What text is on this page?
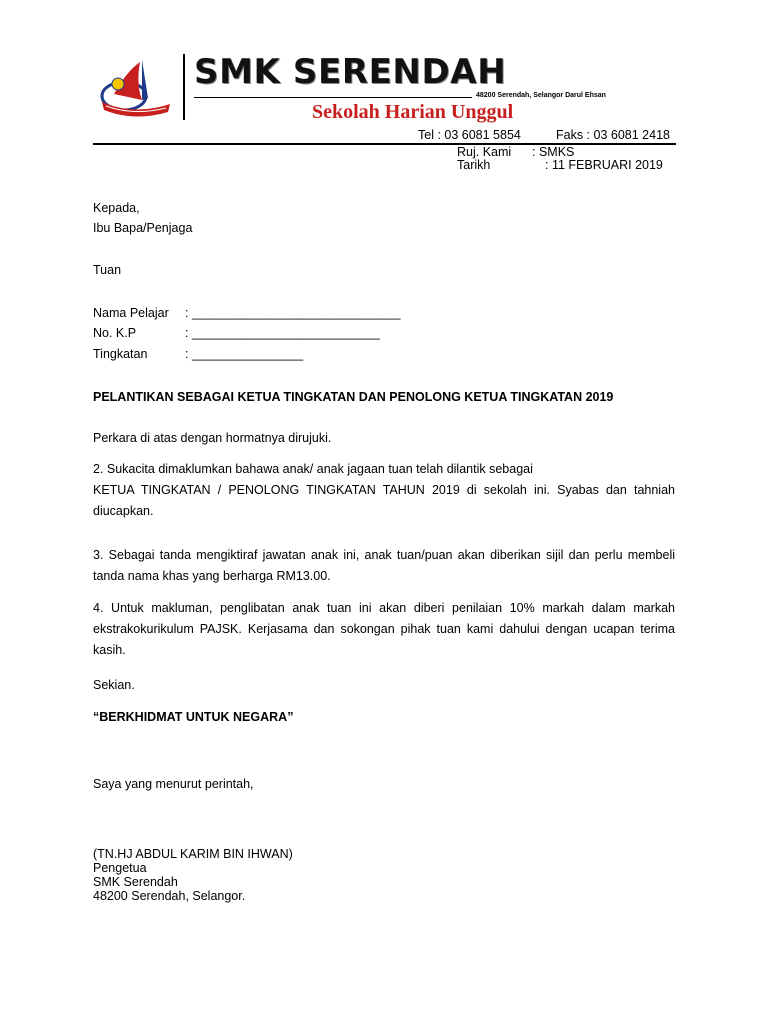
SMK SERENDAH
48200 Serendah, Selangor Darul Ehsan
Sekolah Harian Unggul
Tel : 03 6081 5854	Faks : 03 6081 2418
Ruj. Kami : SMKS
Tarikh	: 11 FEBRUARI 2019
Kepada,
Ibu Bapa/Penjaga
Tuan
Nama Pelajar : ______________________________
No. K.P	: ___________________________
Tingkatan	: ________________
PELANTIKAN SEBAGAI KETUA TINGKATAN DAN PENOLONG KETUA TINGKATAN 2019
Perkara di atas dengan hormatnya dirujuki.
2. Sukacita dimaklumkan bahawa anak/ anak jagaan tuan telah dilantik sebagai
KETUA TINGKATAN / PENOLONG TINGKATAN TAHUN 2019 di sekolah ini. Syabas dan tahniah diucapkan.
3. Sebagai tanda mengiktiraf jawatan anak ini, anak tuan/puan akan diberikan sijil dan perlu membeli tanda nama khas yang berharga RM13.00.
4. Untuk makluman, penglibatan anak tuan ini akan diberi penilaian 10% markah dalam markah ekstrakokurikulum PAJSK. Kerjasama dan sokongan pihak tuan kami dahului dengan ucapan terima kasih.
Sekian.
“BERKHIDMAT UNTUK NEGARA”
Saya yang menurut perintah,
(TN.HJ ABDUL KARIM BIN IHWAN)
Pengetua
SMK Serendah
48200 Serendah, Selangor.
